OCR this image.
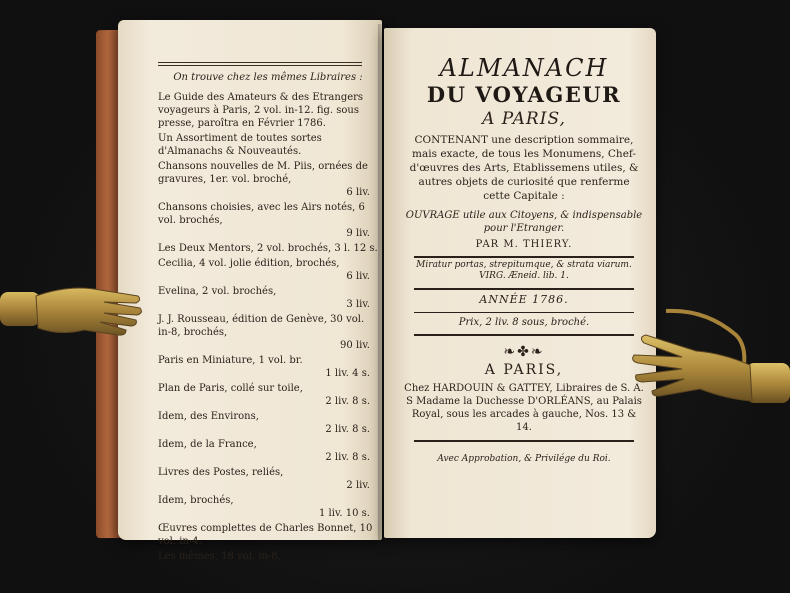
On trouve chez les mêmes Libraires :
Le Guide des Amateurs & des Etrangers voyageurs à Paris, 2 vol. in-12. fig. sous presse, paroîtra en Février 1786.
Un Assortiment de toutes sortes d'Almanachs & Nouveautés.
Chansons nouvelles de M. Piis, ornées de gravures, 1er. vol. broché,
6 liv.
Chansons choisies, avec les Airs notés, 6 vol. brochés,
9 liv.
Les Deux Mentors, 2 vol. brochés, 3 l. 12 s.
Cecilia, 4 vol. jolie édition, brochés,
6 liv.
Evelina, 2 vol. brochés,
3 liv.
J. J. Rousseau, édition de Genève, 30 vol. in-8, brochés,
90 liv.
Paris en Miniature, 1 vol. br.
1 liv. 4 s.
Plan de Paris, collé sur toile,
2 liv. 8 s.
Idem, des Environs,
2 liv. 8 s.
Idem, de la France,
2 liv. 8 s.
Livres des Postes, reliés,
2 liv.
Idem, brochés,
1 liv. 10 s.
Œuvres complettes de Charles Bonnet, 10 vol. in-4.
Les mêmes, 18 vol. in-8,
ALMANACH
DU VOYAGEUR
A PARIS,
CONTENANT une description sommaire, mais exacte, de tous les Monumens, Chef-d'œuvres des Arts, Etablissemens utiles, & autres objets de curiosité que renferme cette Capitale :
OUVRAGE utile aux Citoyens, & indispensable pour l'Etranger.
PAR M. THIERY.
Miratur portas, strepitumque, & strata viarum.
VIRG. Æneid. lib. 1.
ANNÉE 1786.
Prix, 2 liv. 8 sous, broché.
❧✤❧
A PARIS,
Chez HARDOUIN & GATTEY, Libraires de S. A. S Madame la Duchesse D'ORLÉANS, au Palais Royal, sous les arcades à gauche, Nos. 13 & 14.
Avec Approbation, & Privilége du Roi.
